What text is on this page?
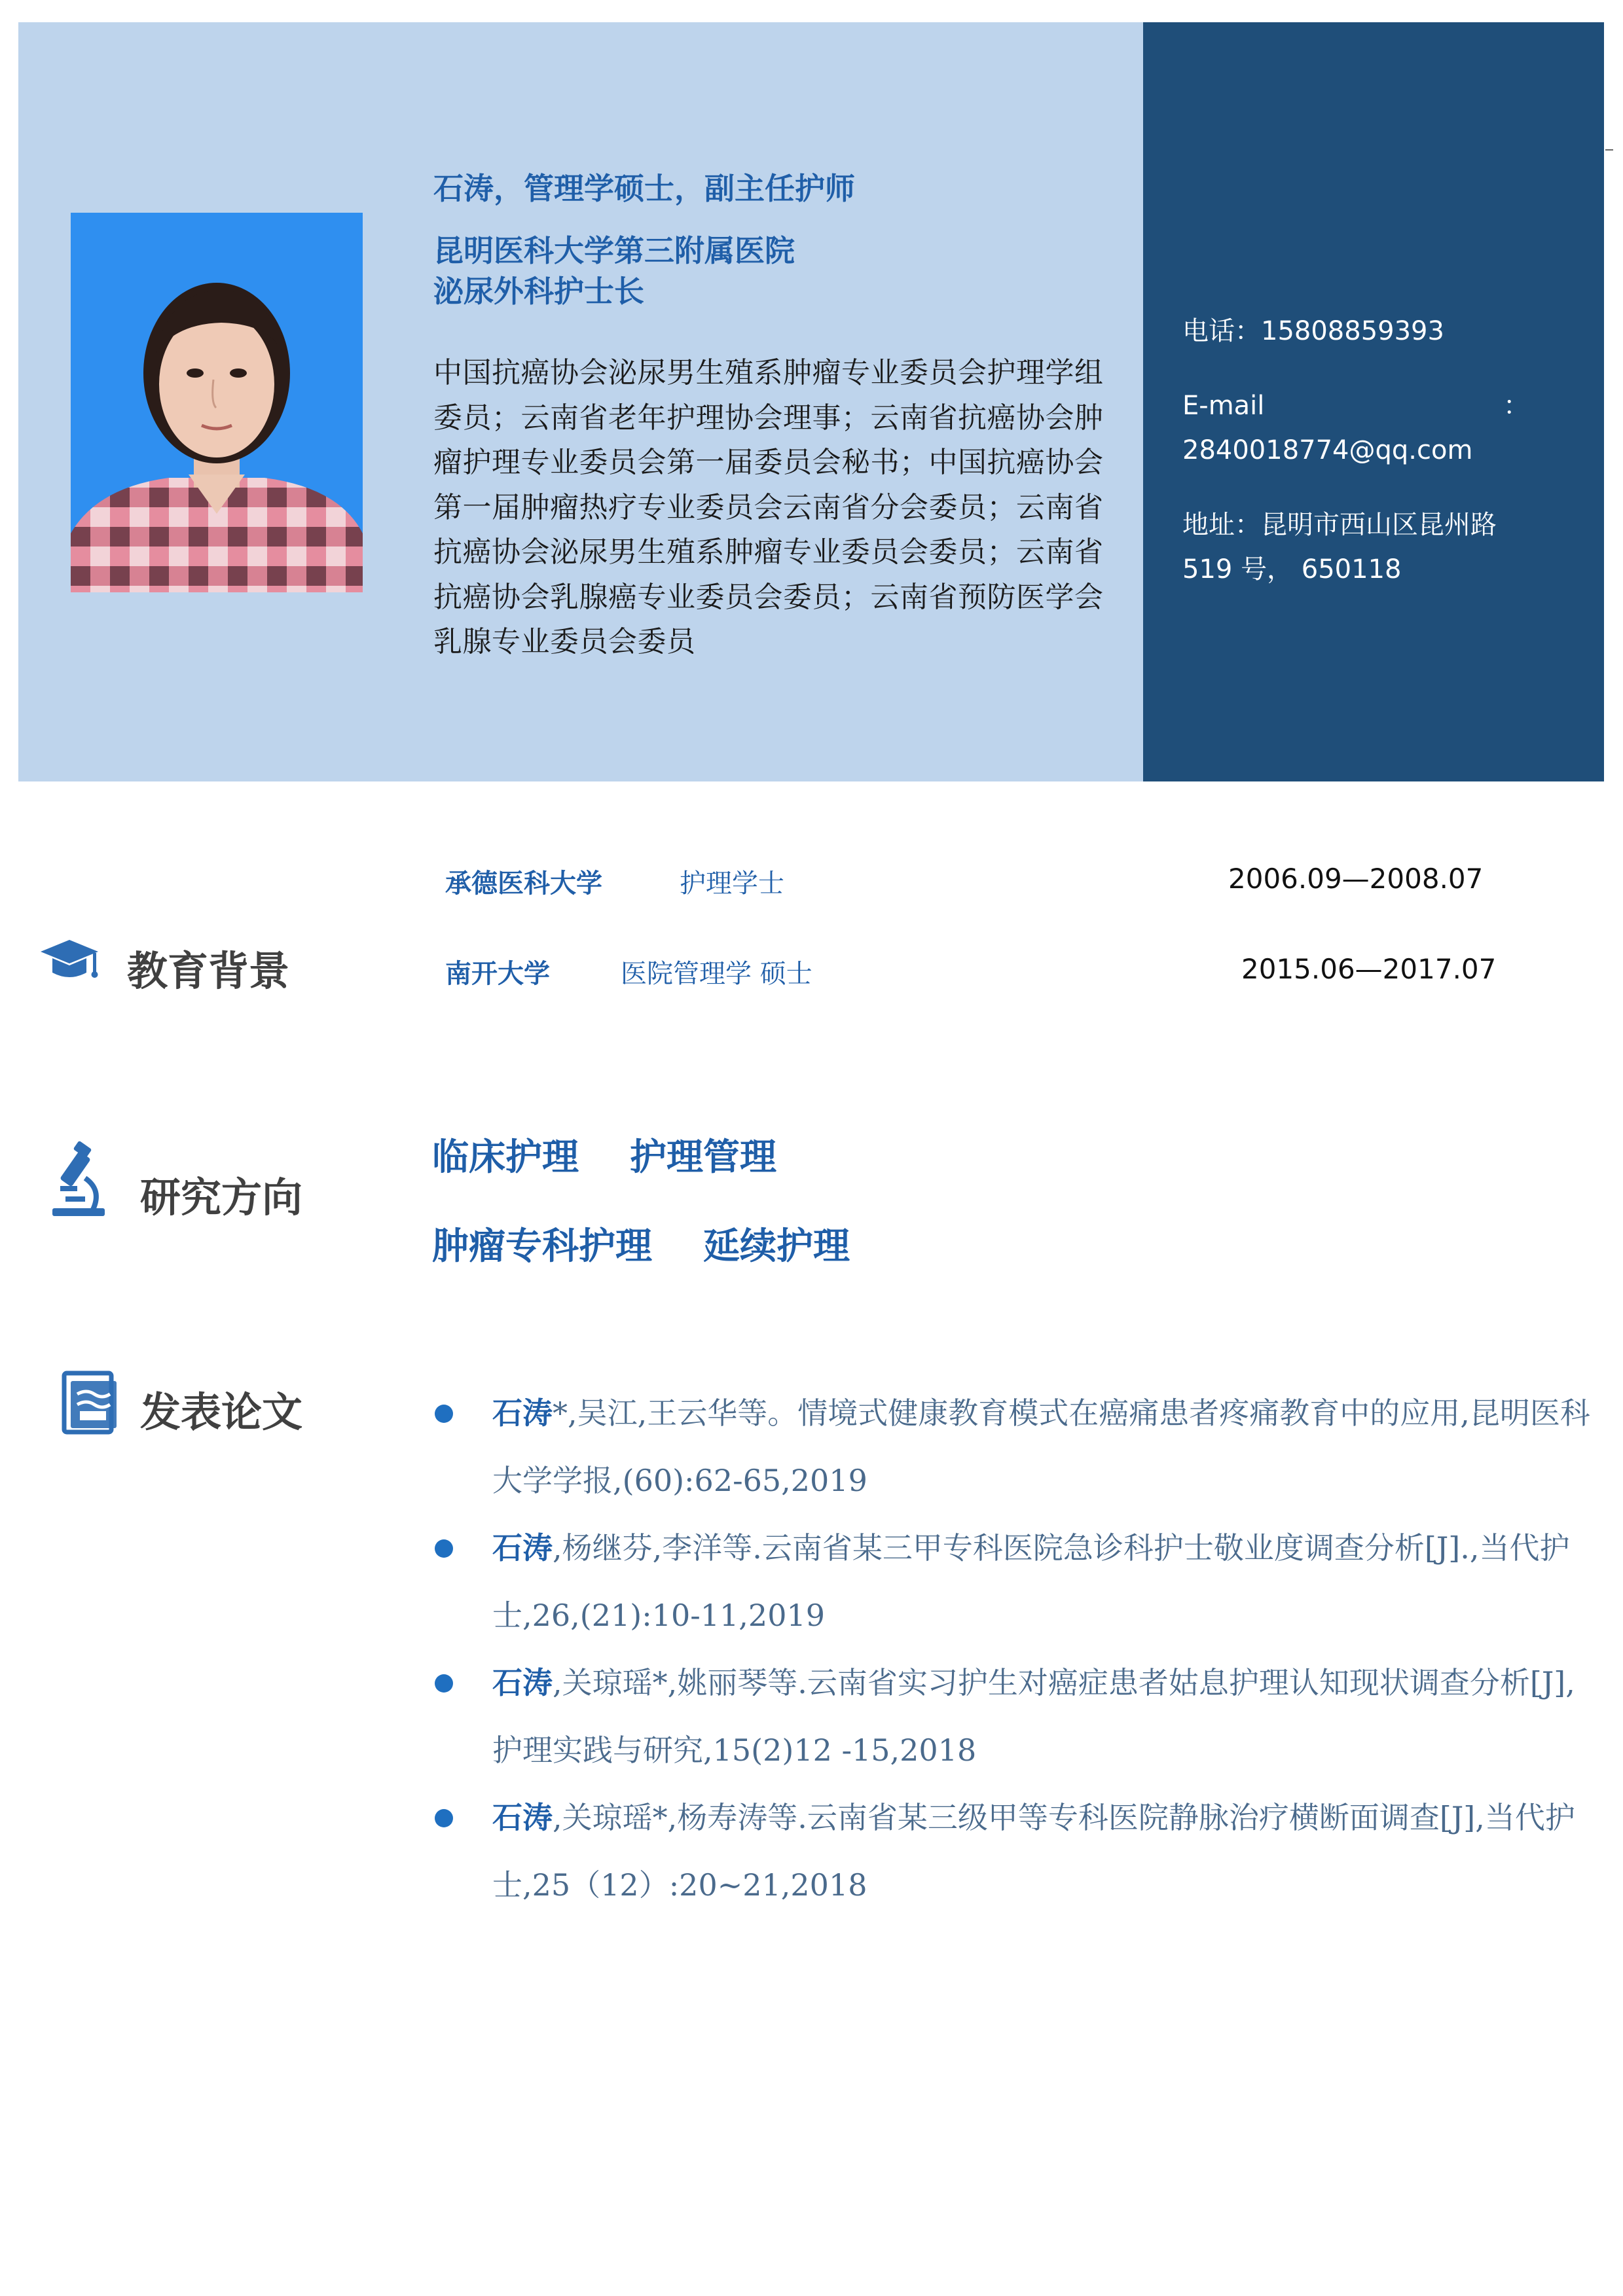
石涛，管理学硕士，副主任护师
昆明医科大学第三附属医院
泌尿外科护士长
中国抗癌协会泌尿男生殖系肿瘤专业委员会护理学组委员；云南省老年护理协会理事；云南省抗癌协会肿瘤护理专业委员会第一届委员会秘书；中国抗癌协会第一届肿瘤热疗专业委员会云南省分会委员；云南省抗癌协会泌尿男生殖系肿瘤专业委员会委员；云南省抗癌协会乳腺癌专业委员会委员；云南省预防医学会乳腺专业委员会委员
电话：15808859393
E-mail	：
2840018774@qq.com
地址：昆明市西山区昆州路
519 号， 650118
教育背景
承德医科大学	护理学士	2006.09—2008.07
南开大学	医院管理学 硕士	2015.06—2017.07
研究方向
临床护理    护理管理
肿瘤专科护理    延续护理
发表论文	石涛*,吴江,王云华等。情境式健康教育模式在癌痛患者疼痛教育中的应用,昆明医科大学学报,(60):62-65,2019
石涛,杨继芬,李洋等.云南省某三甲专科医院急诊科护士敬业度调查分析[J].,当代护士,26,(21):10-11,2019
石涛,关琼瑶*,姚丽琴等.云南省实习护生对癌症患者姑息护理认知现状调查分析[J],护理实践与研究,15(2)12 -15,2018
石涛,关琼瑶*,杨寿涛等.云南省某三级甲等专科医院静脉治疗横断面调查[J],当代护士,25（12）:20~21,2018
